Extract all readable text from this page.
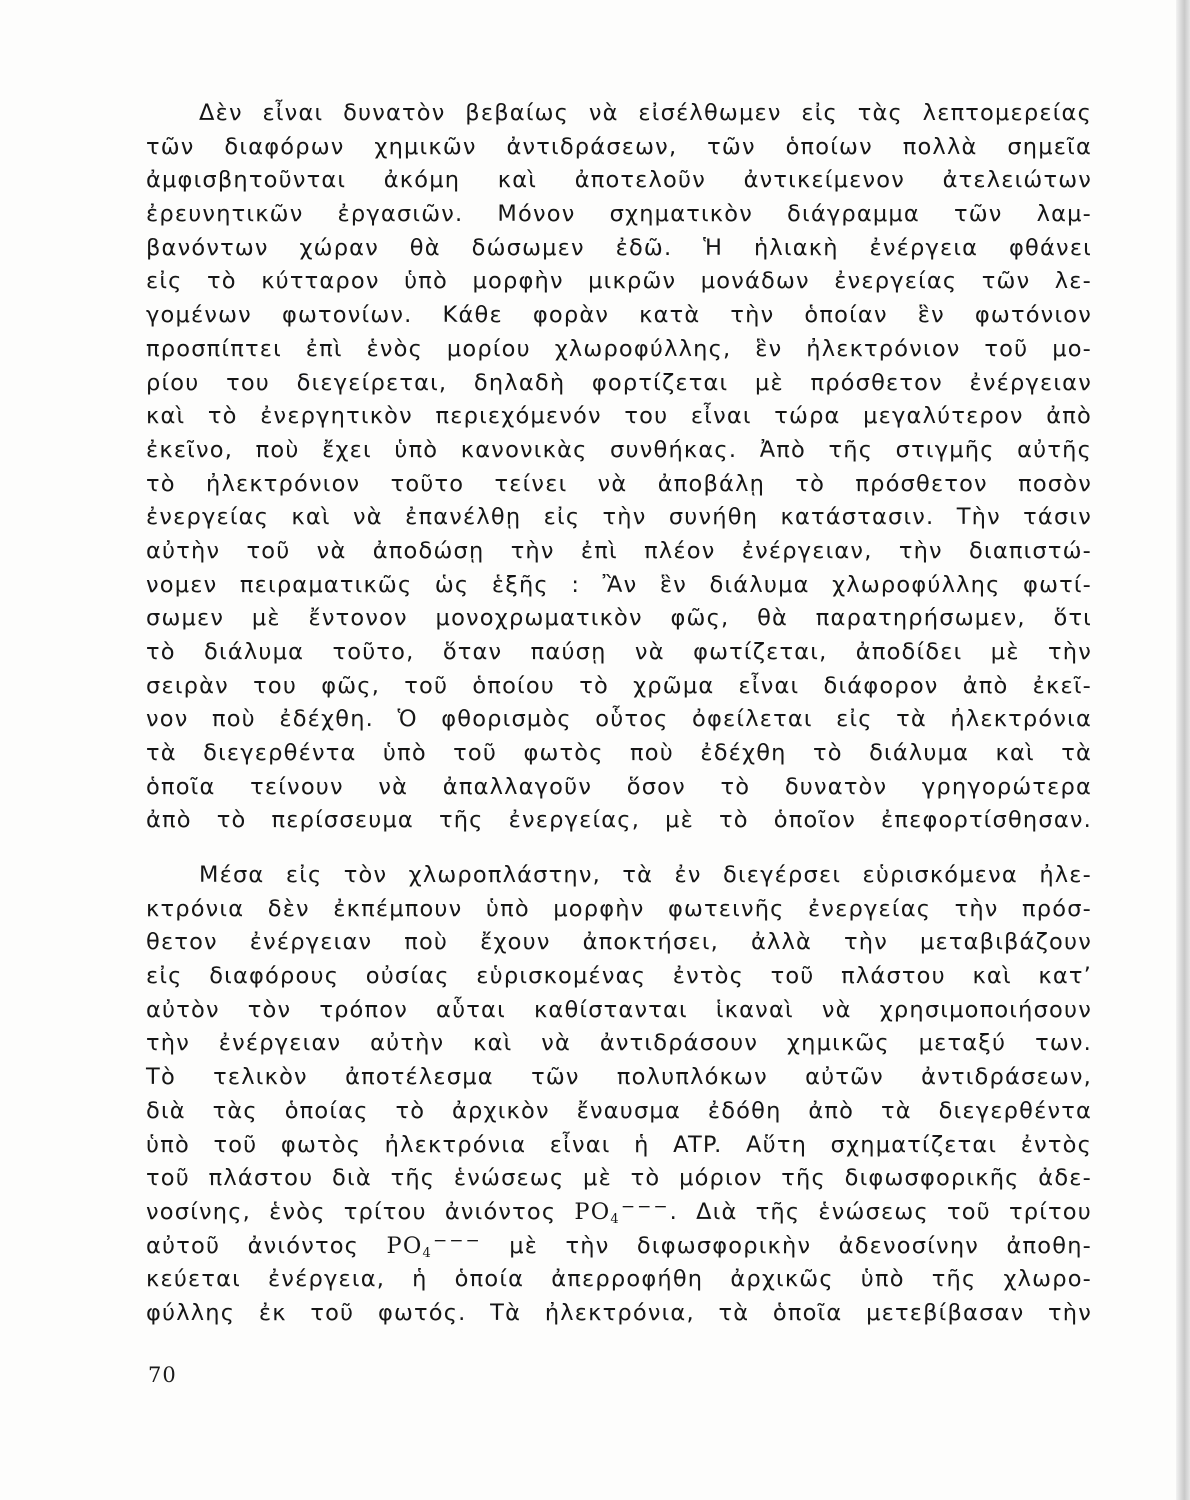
Δὲν εἶναι δυνατὸν βεβαίως νὰ εἰσέλθωμεν εἰς τὰς λεπτομερείας
τῶν διαφόρων χημικῶν ἀντιδράσεων, τῶν ὁποίων πολλὰ σημεῖα
ἀμφισβητοῦνται ἀκόμη καὶ ἀποτελοῦν ἀντικείμενον ἀτελειώτων
ἐρευνητικῶν ἐργασιῶν. Μόνον σχηματικὸν διάγραμμα τῶν λαμ-
βανόντων χώραν θὰ δώσωμεν ἐδῶ. Ἡ ἡλιακὴ ἐνέργεια φθάνει
εἰς τὸ κύτταρον ὑπὸ μορφὴν μικρῶν μονάδων ἐνεργείας τῶν λε-
γομένων φωτονίων. Κάθε φορὰν κατὰ τὴν ὁποίαν ἓν φωτόνιον
προσπίπτει ἐπὶ ἑνὸς μορίου χλωροφύλλης, ἓν ἠλεκτρόνιον τοῦ μο-
ρίου του διεγείρεται, δηλαδὴ φορτίζεται μὲ πρόσθετον ἐνέργειαν
καὶ τὸ ἐνεργητικὸν περιεχόμενόν του εἶναι τώρα μεγαλύτερον ἀπὸ
ἐκεῖνο, ποὺ ἔχει ὑπὸ κανονικὰς συνθήκας. Ἀπὸ τῆς στιγμῆς αὐτῆς
τὸ ἠλεκτρόνιον τοῦτο τείνει νὰ ἀποβάλῃ τὸ πρόσθετον ποσὸν
ἐνεργείας καὶ νὰ ἐπανέλθῃ εἰς τὴν συνήθη κατάστασιν. Τὴν τάσιν
αὐτὴν τοῦ νὰ ἀποδώσῃ τὴν ἐπὶ πλέον ἐνέργειαν, τὴν διαπιστώ-
νομεν πειραματικῶς ὡς ἑξῆς : Ἂν ἓν διάλυμα χλωροφύλλης φωτί-
σωμεν μὲ ἔντονον μονοχρωματικὸν φῶς, θὰ παρατηρήσωμεν, ὅτι
τὸ διάλυμα τοῦτο, ὅταν παύσῃ νὰ φωτίζεται, ἀποδίδει μὲ τὴν
σειρὰν του φῶς, τοῦ ὁποίου τὸ χρῶμα εἶναι διάφορον ἀπὸ ἐκεῖ-
νον ποὺ ἐδέχθη. Ὁ φθορισμὸς οὗτος ὀφείλεται εἰς τὰ ἠλεκτρόνια
τὰ διεγερθέντα ὑπὸ τοῦ φωτὸς ποὺ ἐδέχθη τὸ διάλυμα καὶ τὰ
ὁποῖα τείνουν νὰ ἀπαλλαγοῦν ὅσον τὸ δυνατὸν γρηγορώτερα
ἀπὸ τὸ περίσσευμα τῆς ἐνεργείας, μὲ τὸ ὁποῖον ἐπεφορτίσθησαν.
Μέσα εἰς τὸν χλωροπλάστην, τὰ ἐν διεγέρσει εὑρισκόμενα ἠλε-
κτρόνια δὲν ἐκπέμπουν ὑπὸ μορφὴν φωτεινῆς ἐνεργείας τὴν πρόσ-
θετον ἐνέργειαν ποὺ ἔχουν ἀποκτήσει, ἀλλὰ τὴν μεταβιβάζουν
εἰς διαφόρους οὐσίας εὑρισκομένας ἐντὸς τοῦ πλάστου καὶ κατ’
αὐτὸν τὸν τρόπον αὗται καθίστανται ἱκαναὶ νὰ χρησιμοποιήσουν
τὴν ἐνέργειαν αὐτὴν καὶ νὰ ἀντιδράσουν χημικῶς μεταξύ των.
Τὸ τελικὸν ἀποτέλεσμα τῶν πολυπλόκων αὐτῶν ἀντιδράσεων,
διὰ τὰς ὁποίας τὸ ἀρχικὸν ἔναυσμα ἐδόθη ἀπὸ τὰ διεγερθέντα
ὑπὸ τοῦ φωτὸς ἠλεκτρόνια εἶναι ἡ ATP. Αὕτη σχηματίζεται ἐντὸς
τοῦ πλάστου διὰ τῆς ἑνώσεως μὲ τὸ μόριον τῆς διφωσφορικῆς ἀδε-
νοσίνης, ἑνὸς τρίτου ἀνιόντος $PO_4^{---}$. Διὰ τῆς ἑνώσεως τοῦ τρίτου
αὐτοῦ ἀνιόντος $PO_4^{---}$ μὲ τὴν διφωσφορικὴν ἀδενοσίνην ἀποθη-
κεύεται ἐνέργεια, ἡ ὁποία ἀπερροφήθη ἀρχικῶς ὑπὸ τῆς χλωρο-
φύλλης ἐκ τοῦ φωτός. Τὰ ἠλεκτρόνια, τὰ ὁποῖα μετεβίβασαν τὴν
70
